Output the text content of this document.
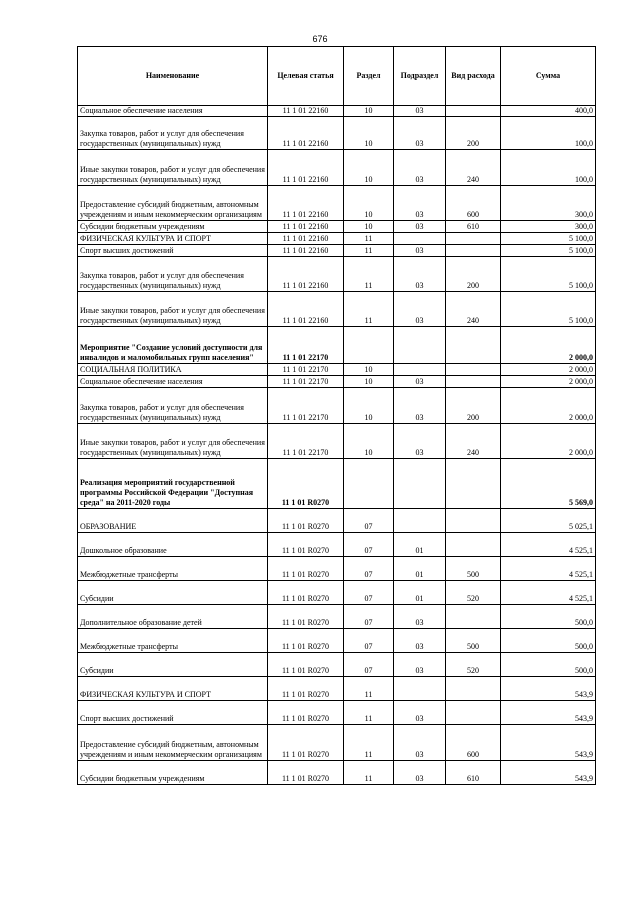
676
Наименование	Целевая статья	Раздел	Подраздел	Вид расхода	Сумма
Социальное обеспечение населения	11 1 01 22160	10	03		400,0
Закупка товаров, работ и услуг для обеспечения государственных (муниципальных) нужд	11 1 01 22160	10	03	200	100,0
Иные закупки товаров, работ и услуг для обеспечения государственных (муниципальных) нужд	11 1 01 22160	10	03	240	100,0
Предоставление субсидий бюджетным, автономным учреждениям и иным некоммерческим организациям	11 1 01 22160	10	03	600	300,0
Субсидии бюджетным учреждениям	11 1 01 22160	10	03	610	300,0
ФИЗИЧЕСКАЯ КУЛЬТУРА И СПОРТ	11 1 01 22160	11			5 100,0
Спорт высших достижений	11 1 01 22160	11	03		5 100,0
Закупка товаров, работ и услуг для обеспечения государственных (муниципальных) нужд	11 1 01 22160	11	03	200	5 100,0
Иные закупки товаров, работ и услуг для обеспечения государственных (муниципальных) нужд	11 1 01 22160	11	03	240	5 100,0
Мероприятие "Создание условий доступности для инвалидов и маломобильных групп населения"	11 1 01 22170				2 000,0
СОЦИАЛЬНАЯ ПОЛИТИКА	11 1 01 22170	10			2 000,0
Социальное обеспечение населения	11 1 01 22170	10	03		2 000,0
Закупка товаров, работ и услуг для обеспечения государственных (муниципальных) нужд	11 1 01 22170	10	03	200	2 000,0
Иные закупки товаров, работ и услуг для обеспечения государственных (муниципальных) нужд	11 1 01 22170	10	03	240	2 000,0
Реализация мероприятий государственной программы Российской Федерации "Доступная среда" на 2011-2020 годы	11 1 01 R0270				5 569,0
ОБРАЗОВАНИЕ	11 1 01 R0270	07			5 025,1
Дошкольное образование	11 1 01 R0270	07	01		4 525,1
Межбюджетные трансферты	11 1 01 R0270	07	01	500	4 525,1
Субсидии	11 1 01 R0270	07	01	520	4 525,1
Дополнительное образование детей	11 1 01 R0270	07	03		500,0
Межбюджетные трансферты	11 1 01 R0270	07	03	500	500,0
Субсидии	11 1 01 R0270	07	03	520	500,0
ФИЗИЧЕСКАЯ КУЛЬТУРА И СПОРТ	11 1 01 R0270	11			543,9
Спорт высших достижений	11 1 01 R0270	11	03		543,9
Предоставление субсидий бюджетным, автономным учреждениям и иным некоммерческим организациям	11 1 01 R0270	11	03	600	543,9
Субсидии бюджетным учреждениям	11 1 01 R0270	11	03	610	543,9
